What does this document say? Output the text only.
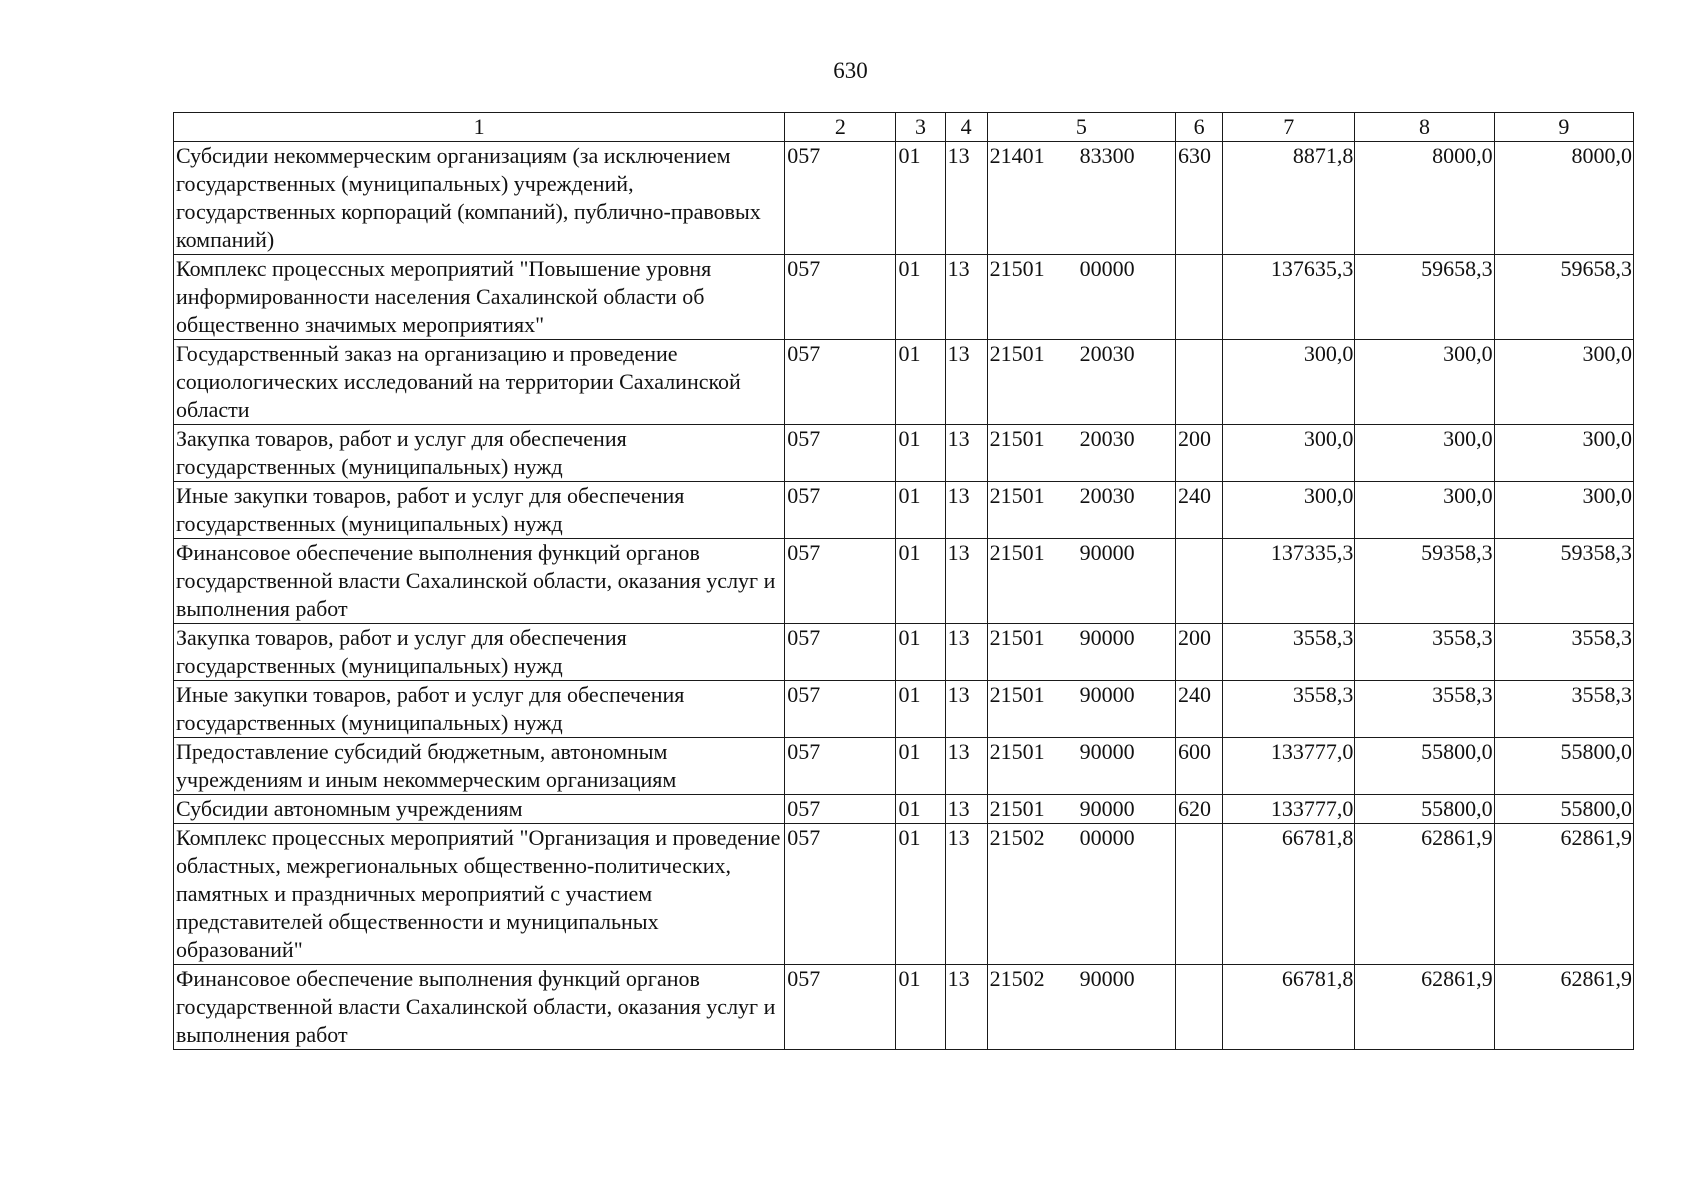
630
1	2	3	4	5	6	7	8	9
Субсидии некоммерческим организациям (за исключением государственных (муниципальных) учреждений, государственных корпораций (компаний), публично-правовых компаний)	057	01	13	21401 83300	630	8871,8	8000,0	8000,0
Комплекс процессных мероприятий "Повышение уровня информированности населения Сахалинской области об общественно значимых мероприятиях"	057	01	13	21501 00000		137635,3	59658,3	59658,3
Государственный заказ на организацию и проведение социологических исследований на территории Сахалинской области	057	01	13	21501 20030		300,0	300,0	300,0
Закупка товаров, работ и услуг для обеспечения государственных (муниципальных) нужд	057	01	13	21501 20030	200	300,0	300,0	300,0
Иные закупки товаров, работ и услуг для обеспечения государственных (муниципальных) нужд	057	01	13	21501 20030	240	300,0	300,0	300,0
Финансовое обеспечение выполнения функций органов государственной власти Сахалинской области, оказания услуг и выполнения работ	057	01	13	21501 90000		137335,3	59358,3	59358,3
Закупка товаров, работ и услуг для обеспечения государственных (муниципальных) нужд	057	01	13	21501 90000	200	3558,3	3558,3	3558,3
Иные закупки товаров, работ и услуг для обеспечения государственных (муниципальных) нужд	057	01	13	21501 90000	240	3558,3	3558,3	3558,3
Предоставление субсидий бюджетным, автономным учреждениям и иным некоммерческим организациям	057	01	13	21501 90000	600	133777,0	55800,0	55800,0
Субсидии автономным учреждениям	057	01	13	21501 90000	620	133777,0	55800,0	55800,0
Комплекс процессных мероприятий "Организация и проведение областных, межрегиональных общественно-политических, памятных и праздничных мероприятий с участием представителей общественности и муниципальных образований"	057	01	13	21502 00000		66781,8	62861,9	62861,9
Финансовое обеспечение выполнения функций органов государственной власти Сахалинской области, оказания услуг и выполнения работ	057	01	13	21502 90000		66781,8	62861,9	62861,9
